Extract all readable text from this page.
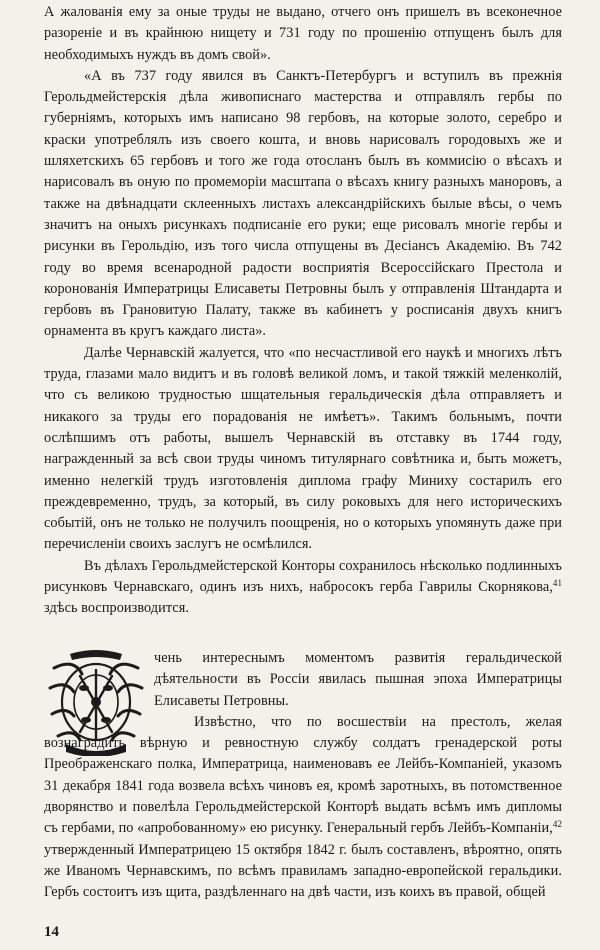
А жалованія ему за оные труды не выдано, отчего онъ пришелъ въ всеконечное разореніе и въ крайнюю нищету и 731 году по прошенію отпущенъ былъ для необходимыхъ нуждъ въ домъ свой».

«А въ 737 году явился въ Санктъ-Петербургъ и вступилъ въ прежнія Герольдмейстерскія дѣла живописнаго мастерства и отправлялъ гербы по губерніямъ, которыхъ имъ написано 98 гербовъ, на которые золото, серебро и краски употреблялъ изъ своего кошта, и вновь нарисовалъ городовыхъ же и шляхетскихъ 65 гербовъ и того же года отосланъ былъ въ коммисію о вѣсахъ и нарисовалъ въ оную по промеморіи масштапа о вѣсахъ книгу разныхъ маноровъ, а также на двѣнадцати склеенныхъ листахъ александрійскихъ былые вѣсы, о чемъ значитъ на оныхъ рисункахъ подписаніе его руки; еще рисовалъ многіе гербы и рисунки въ Герольдію, изъ того числа отпущены въ Десіансъ Академію. Въ 742 году во время всенародной радости восприятія Всероссійскаго Престола и коронованія Императрицы Елисаветы Петровны былъ у отправленія Штандарта и гербовъ въ Грановитую Палату, также въ кабинетъ у росписанія двухъ книгъ орнамента въ кругъ каждаго листа».

Далѣе Чернавскій жалуется, что «по несчастливой его наукѣ и многихъ лѣтъ труда, глазами мало видитъ и въ головѣ великой ломъ, и такой тяжкій меленколій, что съ великою трудностью шщательныя геральдическія дѣла отправляетъ и никакого за труды его порадованія не имѣетъ». Такимъ больнымъ, почти ослѣпшимъ отъ работы, вышелъ Чернавскій въ отставку въ 1744 году, награжденный за всѣ свои труды чиномъ титулярнаго совѣтника и, быть можетъ, именно нелегкій трудъ изготовленія диплома графу Миниху состарилъ его преждевременно, трудъ, за который, въ силу роковыхъ для него историческихъ событій, онъ не только не получилъ поощренія, но о которыхъ упомянуть даже при перечисленіи своихъ заслугъ не осмѣлился.

Въ дѣлахъ Герольдмейстерской Конторы сохранилось нѣсколько подлинныхъ рисунковъ Чернавскаго, одинъ изъ нихъ, набросокъ герба Гаврилы Скорнякова,$^{41}$ здѣсь воспроизводится.

чень интереснымъ моментомъ развитія геральдической дѣятельности въ Россіи явилась пышная эпоха Императрицы Елисаветы Петровны.

Извѣстно, что по восшествіи на престолъ, желая вознаградить вѣрную и ревностную службу солдатъ гренадерской роты Преображенскаго полка, Императрица, наименовавъ ее Лейбъ-Компаніей, указомъ 31 декабря 1841 года возвела всѣхъ чиновъ ея, кромѣ заротныхъ, въ потомственное дворянство и повелѣла Герольдмейстерской Конторѣ выдать всѣмъ имъ дипломы съ гербами, по «апробованному» ею рисунку. Генеральный гербъ Лейбъ-Компаніи,$^{42}$ утвержденный Императрицею 15 октября 1842 г. былъ составленъ, вѣроятно, опять же Иваномъ Чернавскимъ, по всѣмъ правиламъ западно-европейской геральдики. Гербъ состоитъ изъ щита, раздѣленнаго на двѣ части, изъ коихъ въ правой, общей

14
